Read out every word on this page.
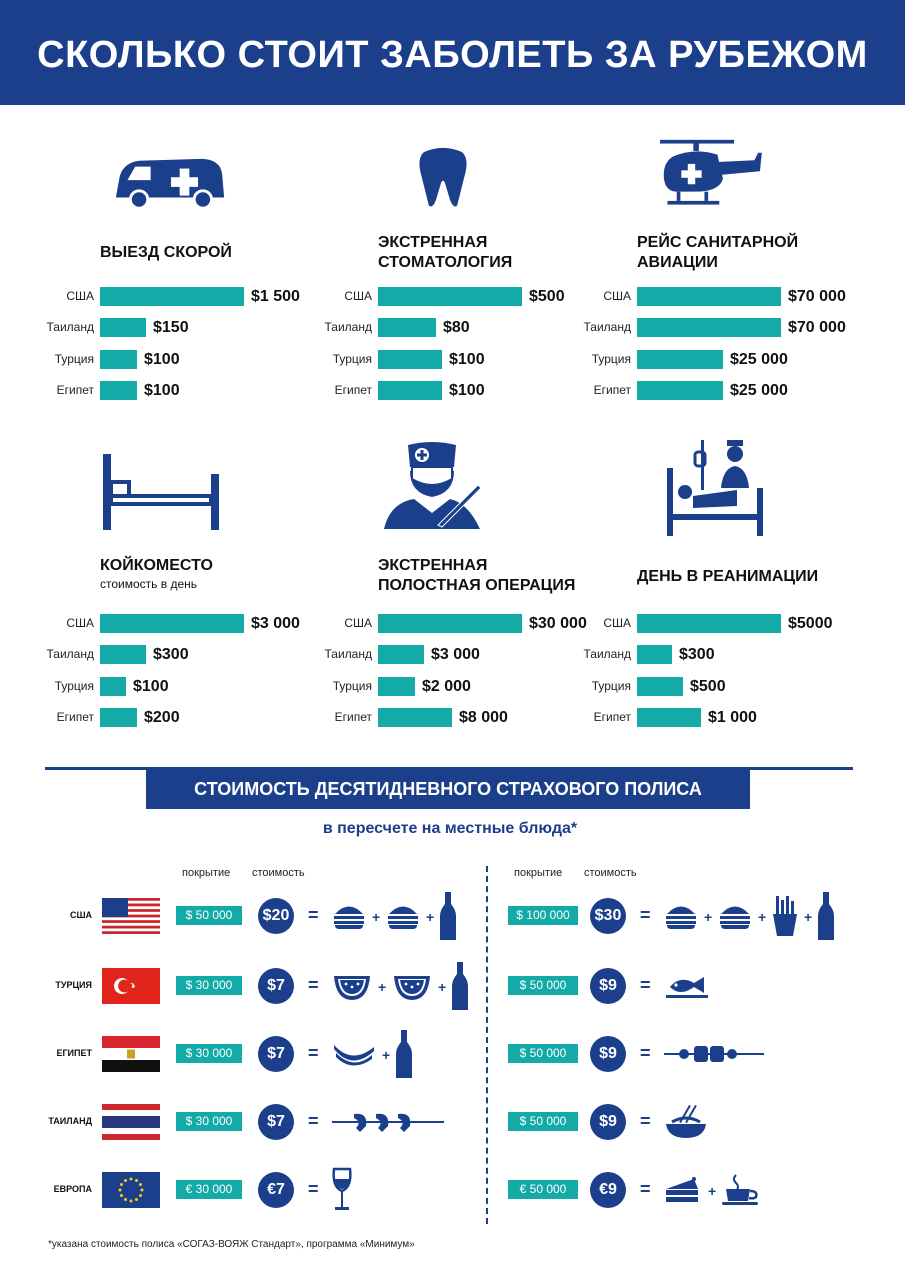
СКОЛЬКО СТОИТ ЗАБОЛЕТЬ ЗА РУБЕЖОМ
ВЫЕЗД СКОРОЙ
США	$1 500
Таиланд	$150
Турция	$100
Египет	$100
ЭКСТРЕННАЯ
СТОМАТОЛОГИЯ
США	$500
Таиланд	$80
Турция	$100
Египет	$100
РЕЙС САНИТАРНОЙ
АВИАЦИИ
США	$70 000
Таиланд	$70 000
Турция	$25 000
Египет	$25 000
КОЙКОМЕСТО
стоимость в день
США	$3 000
Таиланд	$300
Турция $100
Египет	$200
ЭКСТРЕННАЯ
ПОЛОСТНАЯ ОПЕРАЦИЯ
США	$30 000
Таиланд	$3 000
Турция	$2 000
Египет	$8 000
ДЕНЬ В РЕАНИМАЦИИ
США	$5000
Таиланд	$300
Турция	$500
Египет	$1 000
СТОИМОСТЬ ДЕСЯТИДНЕВНОГО СТРАХОВОГО ПОЛИСА
в пересчете на местные блюда*
покрытие стоимость	покрытие стоимость
США	$ 50 000	$20 =	+	+	$ 100 000	$30 =	+	+	+
ТУРЦИЯ	$ 30 000	$7	=	+	+	$ 50 000	$9	=
ЕГИПЕТ	$ 30 000	$7	=	+	$ 50 000	$9	=
ТАИЛАНД	$ 30 000	$7	=	$ 50 000	$9	=
ЕВРОПА	€ 30 000	€7	=	€ 50 000	€9	=	+
*указана стоимость полиса «СОГАЗ-ВОЯЖ Стандарт», программа «Минимум»
